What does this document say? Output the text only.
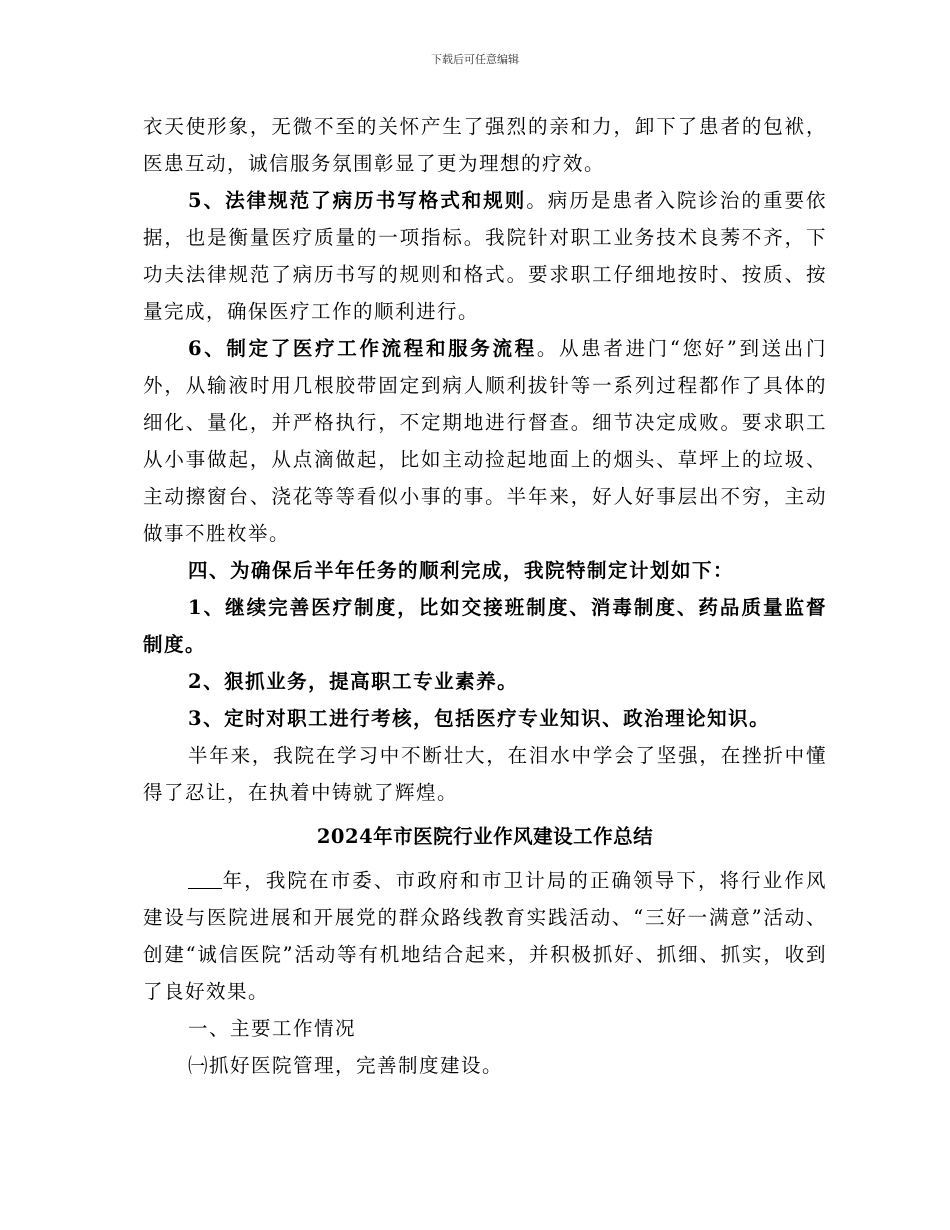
下载后可任意编辑

衣天使形象，无微不至的关怀产生了强烈的亲和力，卸下了患者的包袱，医患互动，诚信服务氛围彰显了更为理想的疗效。

5、法律规范了病历书写格式和规则。病历是患者入院诊治的重要依据，也是衡量医疗质量的一项指标。我院针对职工业务技术良莠不齐，下功夫法律规范了病历书写的规则和格式。要求职工仔细地按时、按质、按量完成，确保医疗工作的顺利进行。

6、制定了医疗工作流程和服务流程。从患者进门“您好”到送出门外，从输液时用几根胶带固定到病人顺利拔针等一系列过程都作了具体的细化、量化，并严格执行，不定期地进行督查。细节决定成败。要求职工从小事做起，从点滴做起，比如主动捡起地面上的烟头、草坪上的垃圾、主动擦窗台、浇花等等看似小事的事。半年来，好人好事层出不穷，主动做事不胜枚举。

四、为确保后半年任务的顺利完成，我院特制定计划如下：

1、继续完善医疗制度，比如交接班制度、消毒制度、药品质量监督制度。

2、狠抓业务，提高职工专业素养。

3、定时对职工进行考核，包括医疗专业知识、政治理论知识。

半年来，我院在学习中不断壮大，在泪水中学会了坚强，在挫折中懂得了忍让，在执着中铸就了辉煌。

2024年市医院行业作风建设工作总结

年，我院在市委、市政府和市卫计局的正确领导下，将行业作风建设与医院进展和开展党的群众路线教育实践活动、“三好一满意”活动、创建“诚信医院”活动等有机地结合起来，并积极抓好、抓细、抓实，收到了良好效果。

一、主要工作情况

㈠抓好医院管理，完善制度建设。
